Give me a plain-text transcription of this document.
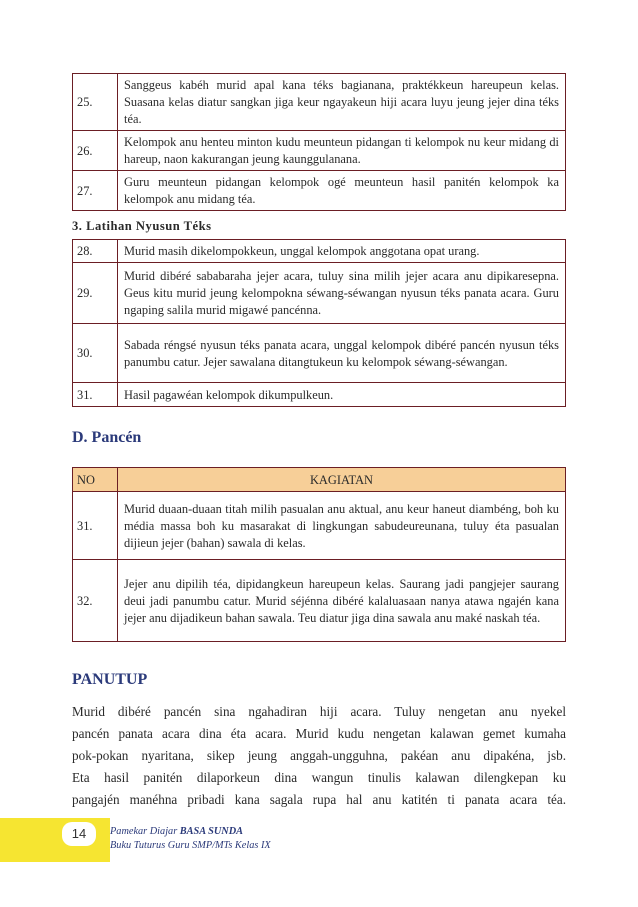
25.	Sanggeus kabéh murid apal kana téks bagianana, praktékkeun hareupeun kelas. Suasana kelas diatur sangkan jiga keur ngayakeun hiji acara luyu jeung jejer dina téks téa.
26.	Kelompok anu henteu minton kudu meunteun pidangan ti kelompok nu keur midang di hareup, naon kakurangan jeung kaunggulanana.
27.	Guru meunteun pidangan kelompok ogé meunteun hasil panitén kelompok ka kelompok anu midang téa.
3. Latihan Nyusun Téks
28.	Murid masih dikelompokkeun, unggal kelompok anggotana opat urang.
29.	Murid dibéré sababaraha jejer acara, tuluy sina milih jejer acara anu dipikaresepna. Geus kitu murid jeung kelompokna séwang-séwangan nyusun téks panata acara. Guru ngaping salila murid migawé pancénna.
30.	Sabada réngsé nyusun téks panata acara, unggal kelompok dibéré pancén nyusun téks panumbu catur. Jejer sawalana ditangtukeun ku kelompok séwang-séwangan.
31.	Hasil pagawéan kelompok dikumpulkeun.
D. Pancén
NO	KAGIATAN
31.	Murid duaan-duaan titah milih pasualan anu aktual, anu keur haneut diambéng, boh ku média massa boh ku masarakat di lingkungan sabudeureunana, tuluy éta pasualan dijieun jejer (bahan) sawala di kelas.
32.	Jejer anu dipilih téa, dipidangkeun hareupeun kelas. Saurang jadi pangjejer saurang deui jadi panumbu catur. Murid séjénna dibéré kalaluasaan nanya atawa ngajén kana jejer anu dijadikeun bahan sawala. Teu diatur jiga dina sawala anu maké naskah téa.
PANUTUP
Murid dibéré pancén sina ngahadiran hiji acara. Tuluy nengetan anu nyekel
pancén panata acara dina éta acara. Murid kudu nengetan kalawan gemet kumaha
pok-pokan nyaritana, sikep jeung anggah-ungguhna, pakéan anu dipakéna, jsb.
Eta hasil panitén dilaporkeun dina wangun tinulis kalawan dilengkepan ku
pangajén manéhna pribadi kana sagala rupa hal anu katitén ti panata acara téa.
14	Pamekar Diajar BASA SUNDA
Buku Tuturus Guru SMP/MTs Kelas IX
